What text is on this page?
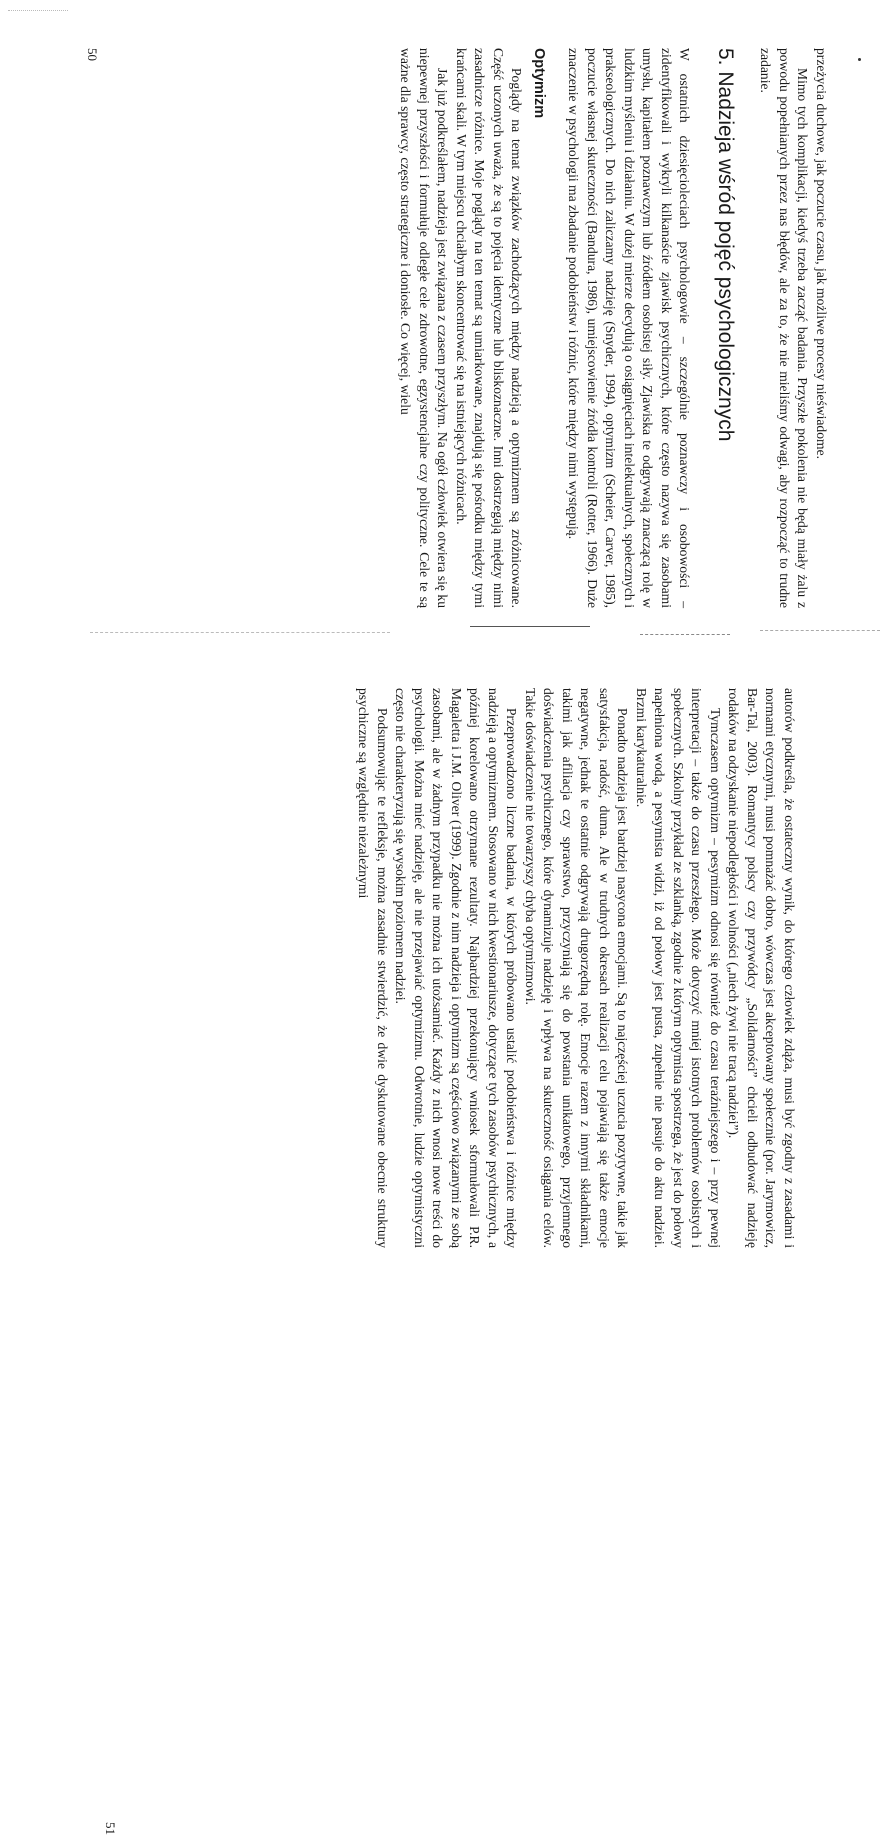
przeżycia duchowe, jak poczucie czasu, jak możliwe procesy nieświadome.

Mimo tych komplikacji, kiedyś trzeba zacząć badania. Przyszłe pokolenia nie będą miały żalu z powodu popełnianych przez nas błędów, ale za to, że nie mieliśmy odwagi, aby rozpocząć to trudne zadanie.

5. Nadzieja wśród pojęć psychologicznych

W ostatnich dziesięcioleciach psychologowie – szczególnie poznawczy i osobowości – zidentyfikowali i wykryli kilkanaście zjawisk psychicznych, które często nazywa się zasobami umysłu, kapitałem poznawczym lub źródłem osobistej siły. Zjawiska te odgrywają znaczącą rolę w ludzkim myśleniu i działaniu. W dużej mierze decydują o osiągnięciach intelektualnych, społecznych i prakseologicznych. Do nich zaliczamy nadzieję (Snyder, 1994), optymizm (Scheier, Carver, 1985), poczucie własnej skuteczności (Bandura, 1986), umiejscowienie źródła kontroli (Rotter, 1966). Duże znaczenie w psychologii ma zbadanie podobieństw i różnic, które między nimi występują.

Optymizm

Poglądy na temat związków zachodzących między nadzieją a optymizmem są zróżnicowane. Część uczonych uważa, że są to pojęcia identyczne lub bliskoznaczne. Inni dostrzegają między nimi zasadnicze różnice. Moje poglądy na ten temat są umiarkowane, znajdują się pośrodku między tymi krańcami skali. W tym miejscu chciałbym skoncentrować się na istniejących różnicach.

Jak już podkreślałem, nadzieja jest związana z czasem przyszłym. Na ogół człowiek otwiera się ku niepewnej przyszłości i formułuje odległe cele zdrowotne, egzystencjalne czy polityczne. Cele te są ważne dla sprawcy, często strategiczne i doniosłe. Co więcej, wielu

50

autorów podkreśla, że ostateczny wynik, do którego człowiek zdąża, musi być zgodny z zasadami i normami etycznymi, musi pomnażać dobro, wówczas jest akceptowany społecznie (por. Jarymowicz, Bar-Tal, 2003). Romantycy polscy czy przywódcy „Solidarności” chcieli odbudować nadzieję rodaków na odzyskanie niepodległości i wolności („niech żywi nie tracą nadziei”).

Tymczasem optymizm – pesymizm odnosi się również do czasu teraźniejszego i – przy pewnej interpretacji – także do czasu przeszłego. Może dotyczyć mniej istotnych problemów osobistych i społecznych. Szkolny przykład ze szklanką, zgodnie z którym optymista spostrzega, że jest do połowy napełniona wodą, a pesymista widzi, iż od połowy jest pusta, zupełnie nie pasuje do aktu nadziei. Brzmi karykaturalnie.

Ponadto nadzieja jest bardziej nasycona emocjami. Są to najczęściej uczucia pozytywne, takie jak satysfakcja, radość, duma. Ale w trudnych okresach realizacji celu pojawiają się także emocje negatywne, jednak te ostatnie odgrywają drugorzędną rolę. Emocje razem z innymi składnikami, takimi jak afiliacja czy sprawstwo, przyczyniają się do powstania unikatowego, przyjemnego doświadczenia psychicznego, które dynamizuje nadzieję i wpływa na skuteczność osiągania celów. Takie doświadczenie nie towarzyszy chyba optymizmowi.

Przeprowadzono liczne badania, w których próbowano ustalić podobieństwa i różnice między nadzieją a optymizmem. Stosowano w nich kwestionariusze, dotyczące tych zasobów psychicznych, a później korelowano otrzymane rezultaty. Najbardziej przekonujący wniosek sformułowali P.R. Magaletta i J.M. Oliver (1999). Zgodnie z nim nadzieja i optymizm są częściowo związanymi ze sobą zasobami, ale w żadnym przypadku nie można ich utożsamiać. Każdy z nich wnosi nowe treści do psychologii. Można mieć nadzieję, ale nie przejawiać optymizmu. Odwrotnie, ludzie optymistyczni często nie charakteryzują się wysokim poziomem nadziei.

Podsumowując te refleksje, można zasadnie stwierdzić, że dwie dyskutowane obecnie struktury psychiczne są względnie niezależnymi

51
